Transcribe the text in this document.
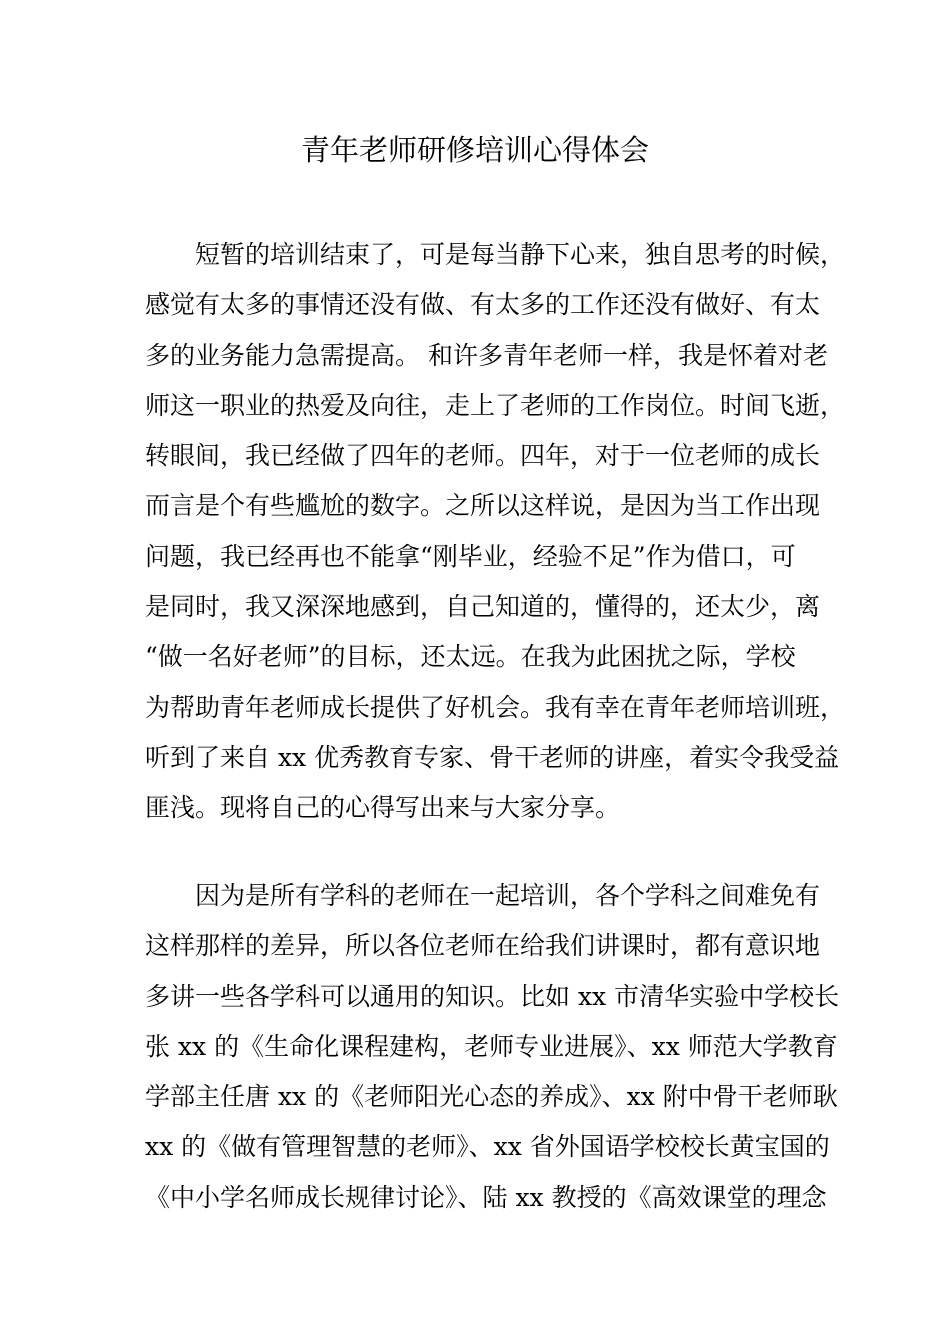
青年老师研修培训心得体会
短暂的培训结束了，可是每当静下心来，独自思考的时候，
感觉有太多的事情还没有做、有太多的工作还没有做好、有太
多的业务能力急需提高。 和许多青年老师一样，我是怀着对老
师这一职业的热爱及向往，走上了老师的工作岗位。时间飞逝，
转眼间，我已经做了四年的老师。四年，对于一位老师的成长
而言是个有些尴尬的数字。之所以这样说，是因为当工作出现
问题，我已经再也不能拿“刚毕业，经验不足”作为借口，可
是同时，我又深深地感到，自己知道的，懂得的，还太少，离
“做一名好老师”的目标，还太远。在我为此困扰之际，学校
为帮助青年老师成长提供了好机会。我有幸在青年老师培训班，
听到了来自 xx 优秀教育专家、骨干老师的讲座，着实令我受益
匪浅。现将自己的心得写出来与大家分享。
因为是所有学科的老师在一起培训，各个学科之间难免有
这样那样的差异，所以各位老师在给我们讲课时，都有意识地
多讲一些各学科可以通用的知识。比如 xx 市清华实验中学校长
张 xx 的《生命化课程建构，老师专业进展》、xx 师范大学教育
学部主任唐 xx 的《老师阳光心态的养成》、xx 附中骨干老师耿
xx 的《做有管理智慧的老师》、xx 省外国语学校校长黄宝国的
《中小学名师成长规律讨论》、陆 xx 教授的《高效课堂的理念
